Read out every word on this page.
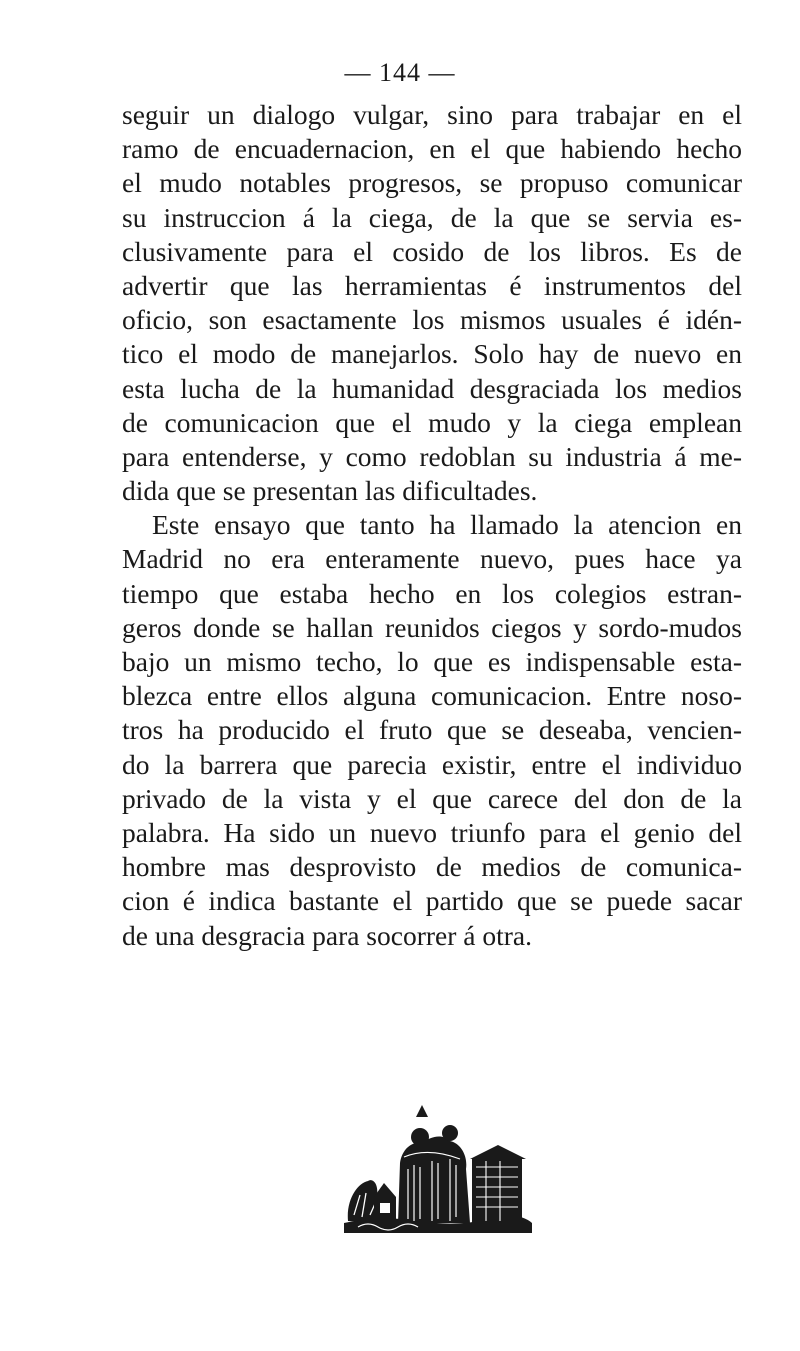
— 144 —
seguir un dialogo vulgar, sino para trabajar en el
ramo de encuadernacion, en el que habiendo hecho
el mudo notables progresos, se propuso comunicar
su instruccion á la ciega, de la que se servia es-
clusivamente para el cosido de los libros. Es de
advertir que las herramientas é instrumentos del
oficio, son esactamente los mismos usuales é idén-
tico el modo de manejarlos. Solo hay de nuevo en
esta lucha de la humanidad desgraciada los medios
de comunicacion que el mudo y la ciega emplean
para entenderse, y como redoblan su industria á me-
dida que se presentan las dificultades.
Este ensayo que tanto ha llamado la atencion en
Madrid no era enteramente nuevo, pues hace ya
tiempo que estaba hecho en los colegios estran-
geros donde se hallan reunidos ciegos y sordo-mudos
bajo un mismo techo, lo que es indispensable esta-
blezca entre ellos alguna comunicacion. Entre noso-
tros ha producido el fruto que se deseaba, vencien-
do la barrera que parecia existir, entre el individuo
privado de la vista y el que carece del don de la
palabra. Ha sido un nuevo triunfo para el genio del
hombre mas desprovisto de medios de comunica-
cion é indica bastante el partido que se puede sacar
de una desgracia para socorrer á otra.
